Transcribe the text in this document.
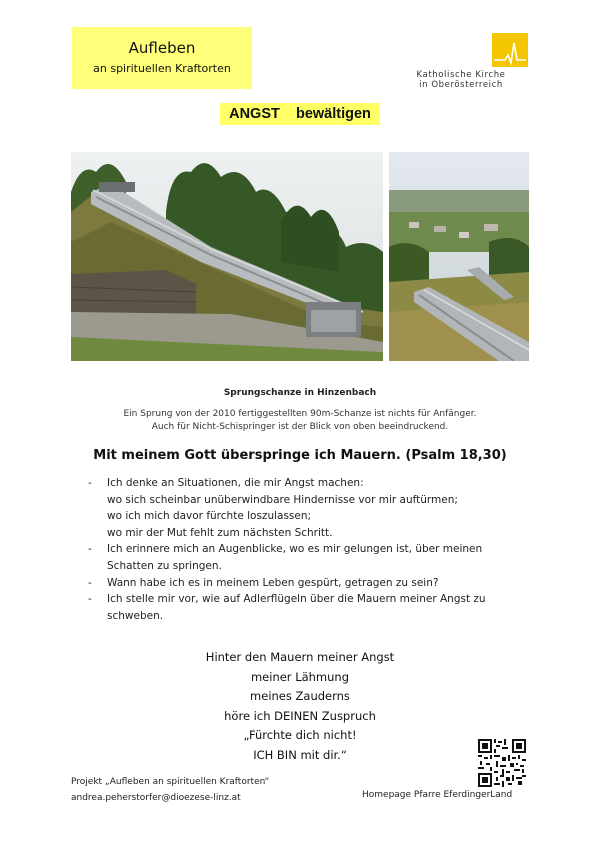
Aufleben
an spirituellen Kraftorten	Katholische Kirche
in Oberösterreich
ANGST    bewältigen
Sprungschanze in Hinzenbach
Ein Sprung von der 2010 fertiggestellten 90m-Schanze ist nichts für Anfänger.
Auch für Nicht-Schispringer ist der Blick von oben beeindruckend.
Mit meinem Gott überspringe ich Mauern. (Psalm 18,30)
- Ich denke an Situationen, die mir Angst machen:
wo sich scheinbar unüberwindbare Hindernisse vor mir auftürmen;
wo ich mich davor fürchte loszulassen;
wo mir der Mut fehlt zum nächsten Schritt.
- Ich erinnere mich an Augenblicke, wo es mir gelungen ist, über meinen
Schatten zu springen.
- Wann habe ich es in meinem Leben gespürt, getragen zu sein?
- Ich stelle mir vor, wie auf Adlerflügeln über die Mauern meiner Angst zu
schweben.
Hinter den Mauern meiner Angst
meiner Lähmung
meines Zauderns
höre ich DEINEN Zuspruch
„Fürchte dich nicht!
ICH BIN mit dir.“
Projekt „Aufleben an spirituellen Kraftorten“
andrea.peherstorfer@dioezese-linz.at	Homepage Pfarre EferdingerLand
